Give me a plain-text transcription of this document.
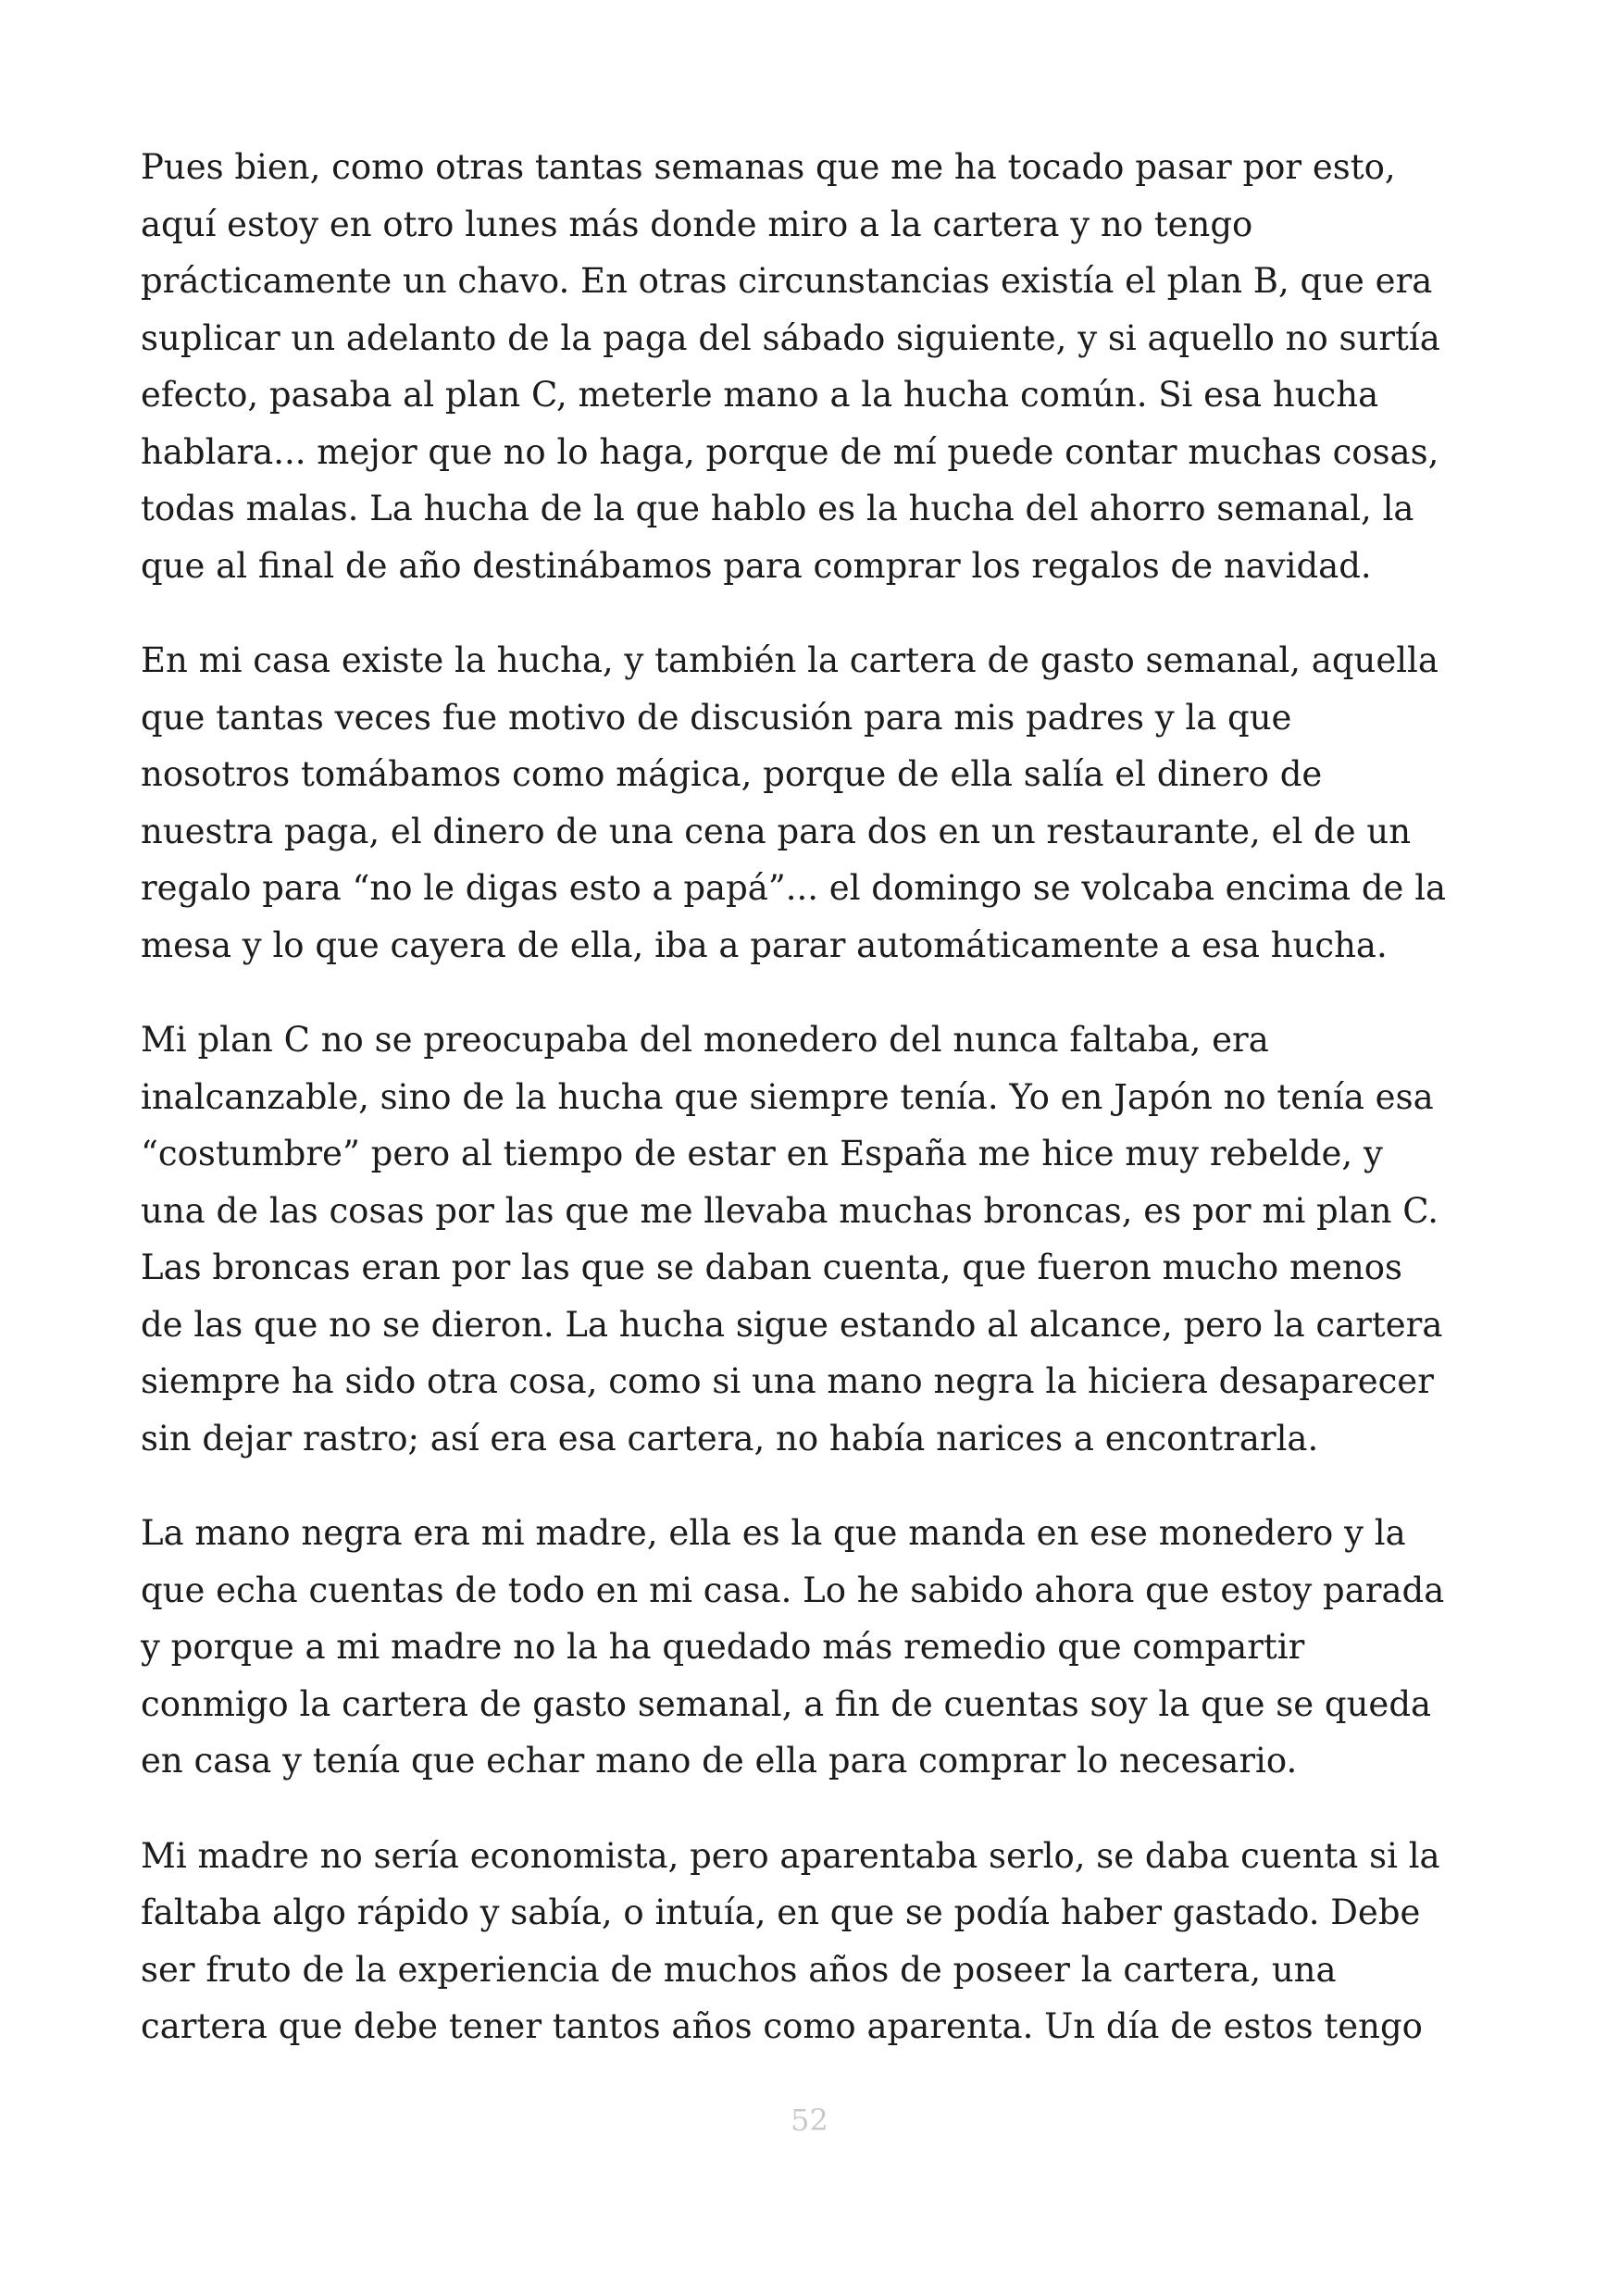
Pues bien, como otras tantas semanas que me ha tocado pasar por esto,
aquí estoy en otro lunes más donde miro a la cartera y no tengo
prácticamente un chavo. En otras circunstancias existía el plan B, que era
suplicar un adelanto de la paga del sábado siguiente, y si aquello no surtía
efecto, pasaba al plan C, meterle mano a la hucha común. Si esa hucha
hablara... mejor que no lo haga, porque de mí puede contar muchas cosas,
todas malas. La hucha de la que hablo es la hucha del ahorro semanal, la
que al final de año destinábamos para comprar los regalos de navidad.

En mi casa existe la hucha, y también la cartera de gasto semanal, aquella
que tantas veces fue motivo de discusión para mis padres y la que
nosotros tomábamos como mágica, porque de ella salía el dinero de
nuestra paga, el dinero de una cena para dos en un restaurante, el de un
regalo para “no le digas esto a papá”... el domingo se volcaba encima de la
mesa y lo que cayera de ella, iba a parar automáticamente a esa hucha.

Mi plan C no se preocupaba del monedero del nunca faltaba, era
inalcanzable, sino de la hucha que siempre tenía. Yo en Japón no tenía esa
“costumbre” pero al tiempo de estar en España me hice muy rebelde, y
una de las cosas por las que me llevaba muchas broncas, es por mi plan C.
Las broncas eran por las que se daban cuenta, que fueron mucho menos
de las que no se dieron. La hucha sigue estando al alcance, pero la cartera
siempre ha sido otra cosa, como si una mano negra la hiciera desaparecer
sin dejar rastro; así era esa cartera, no había narices a encontrarla.

La mano negra era mi madre, ella es la que manda en ese monedero y la
que echa cuentas de todo en mi casa. Lo he sabido ahora que estoy parada
y porque a mi madre no la ha quedado más remedio que compartir
conmigo la cartera de gasto semanal, a fin de cuentas soy la que se queda
en casa y tenía que echar mano de ella para comprar lo necesario.

Mi madre no sería economista, pero aparentaba serlo, se daba cuenta si la
faltaba algo rápido y sabía, o intuía, en que se podía haber gastado. Debe
ser fruto de la experiencia de muchos años de poseer la cartera, una
cartera que debe tener tantos años como aparenta. Un día de estos tengo

52
